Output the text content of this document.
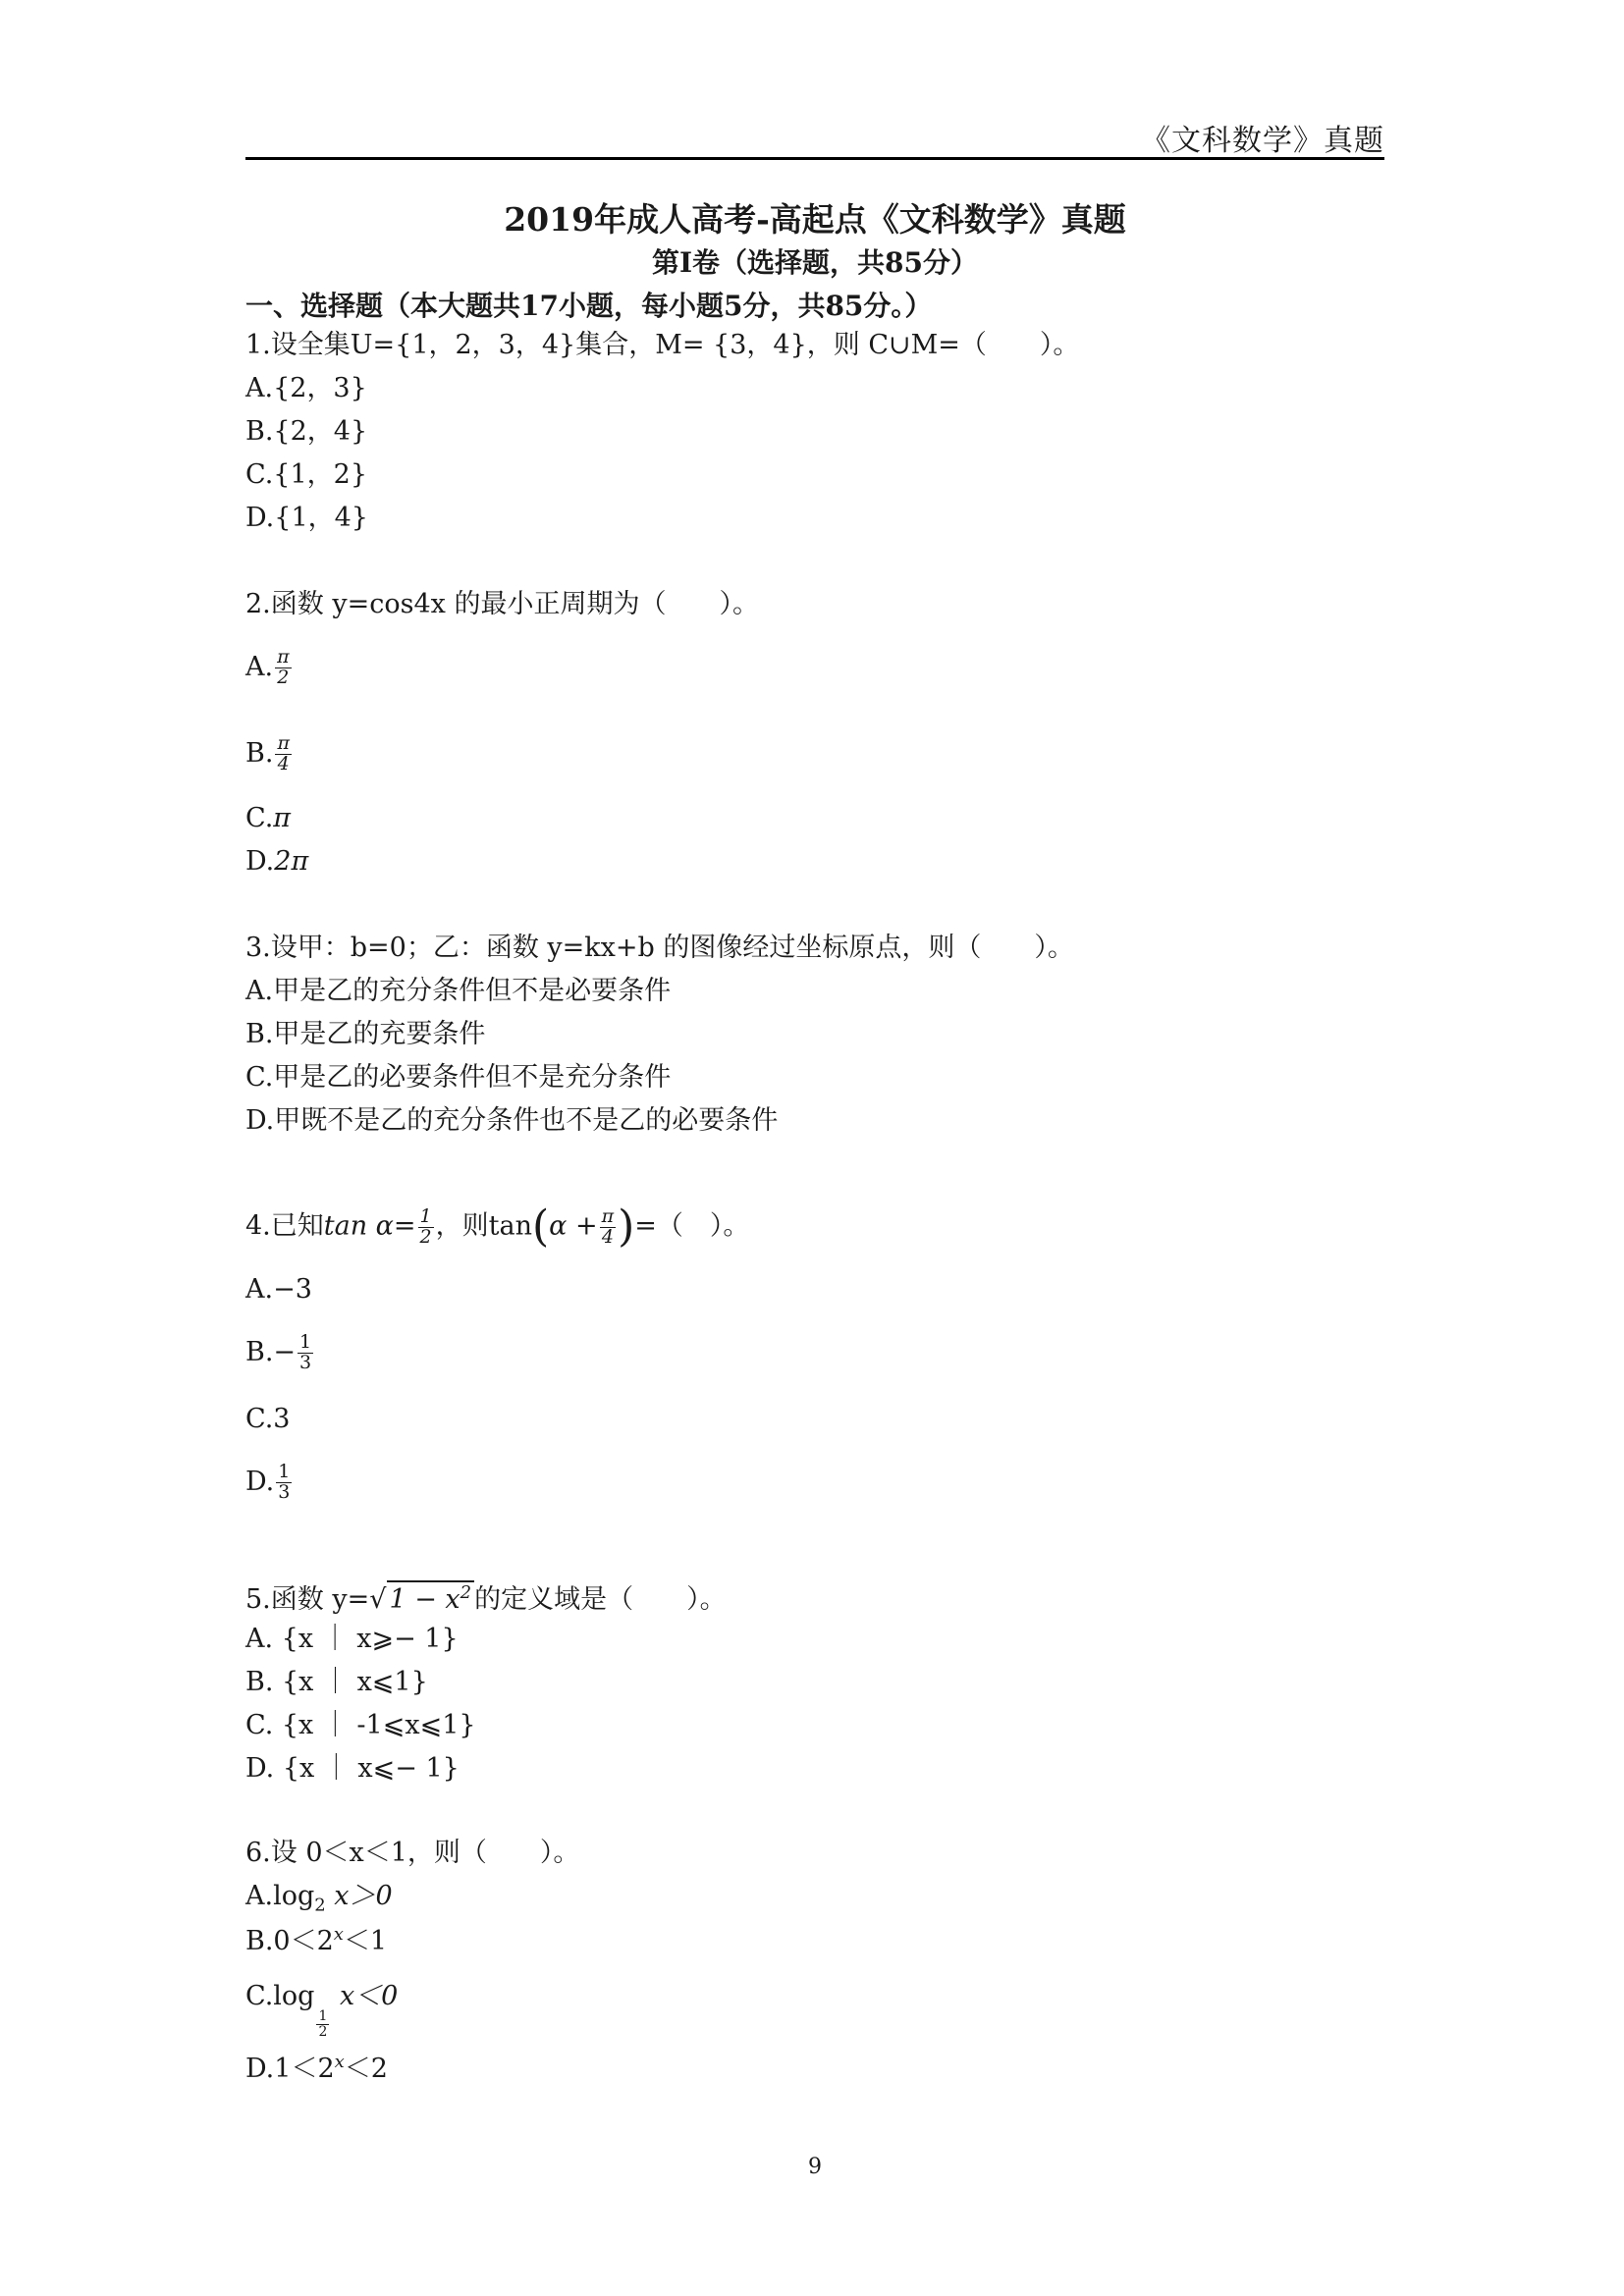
《文科数学》真题
2019年成人高考-高起点《文科数学》真题
第Ⅰ卷（选择题，共85分）
一、选择题（本大题共17小题，每小题5分，共85分。）
1.设全集U={1，2，3，4}集合，M= {3，4}，则 C∪M=（　　）。
A.{2，3}
B.{2，4}
C.{1，2}
D.{1，4}
2.函数 y=cos4x 的最小正周期为（　　）。
A. $\frac{\pi}{2}$
B. $\frac{\pi}{4}$
C.π
D.2π
3.设甲：b=0；乙：函数 y=kx+b 的图像经过坐标原点，则（　　）。
A.甲是乙的充分条件但不是必要条件
B.甲是乙的充要条件
C.甲是乙的必要条件但不是充分条件
D.甲既不是乙的充分条件也不是乙的必要条件
4.已知$\tan \alpha= \frac{1}{2}$ ，则$\tan(\alpha + \frac{\pi}{4}$ )=（　）。
A.−3
$B.- \frac{1}{3}$
C.3
D. $\frac{1}{3}$
5.函数 y=√ $1 - x^2$ 的定义域是（　　）。
A. {x ｜ x⩾− 1}
B. {x ｜ x⩽1}
C. {x ｜ -1⩽x⩽1}
D. {x ｜ x⩽− 1}
6.设 0＜x＜1，则（　　）。
$A.\log_2$ x＞0
$B.0<2^x<1$
C.log
$\frac{1}{2}$
x＜0
$D.1<2^x<2$
9
